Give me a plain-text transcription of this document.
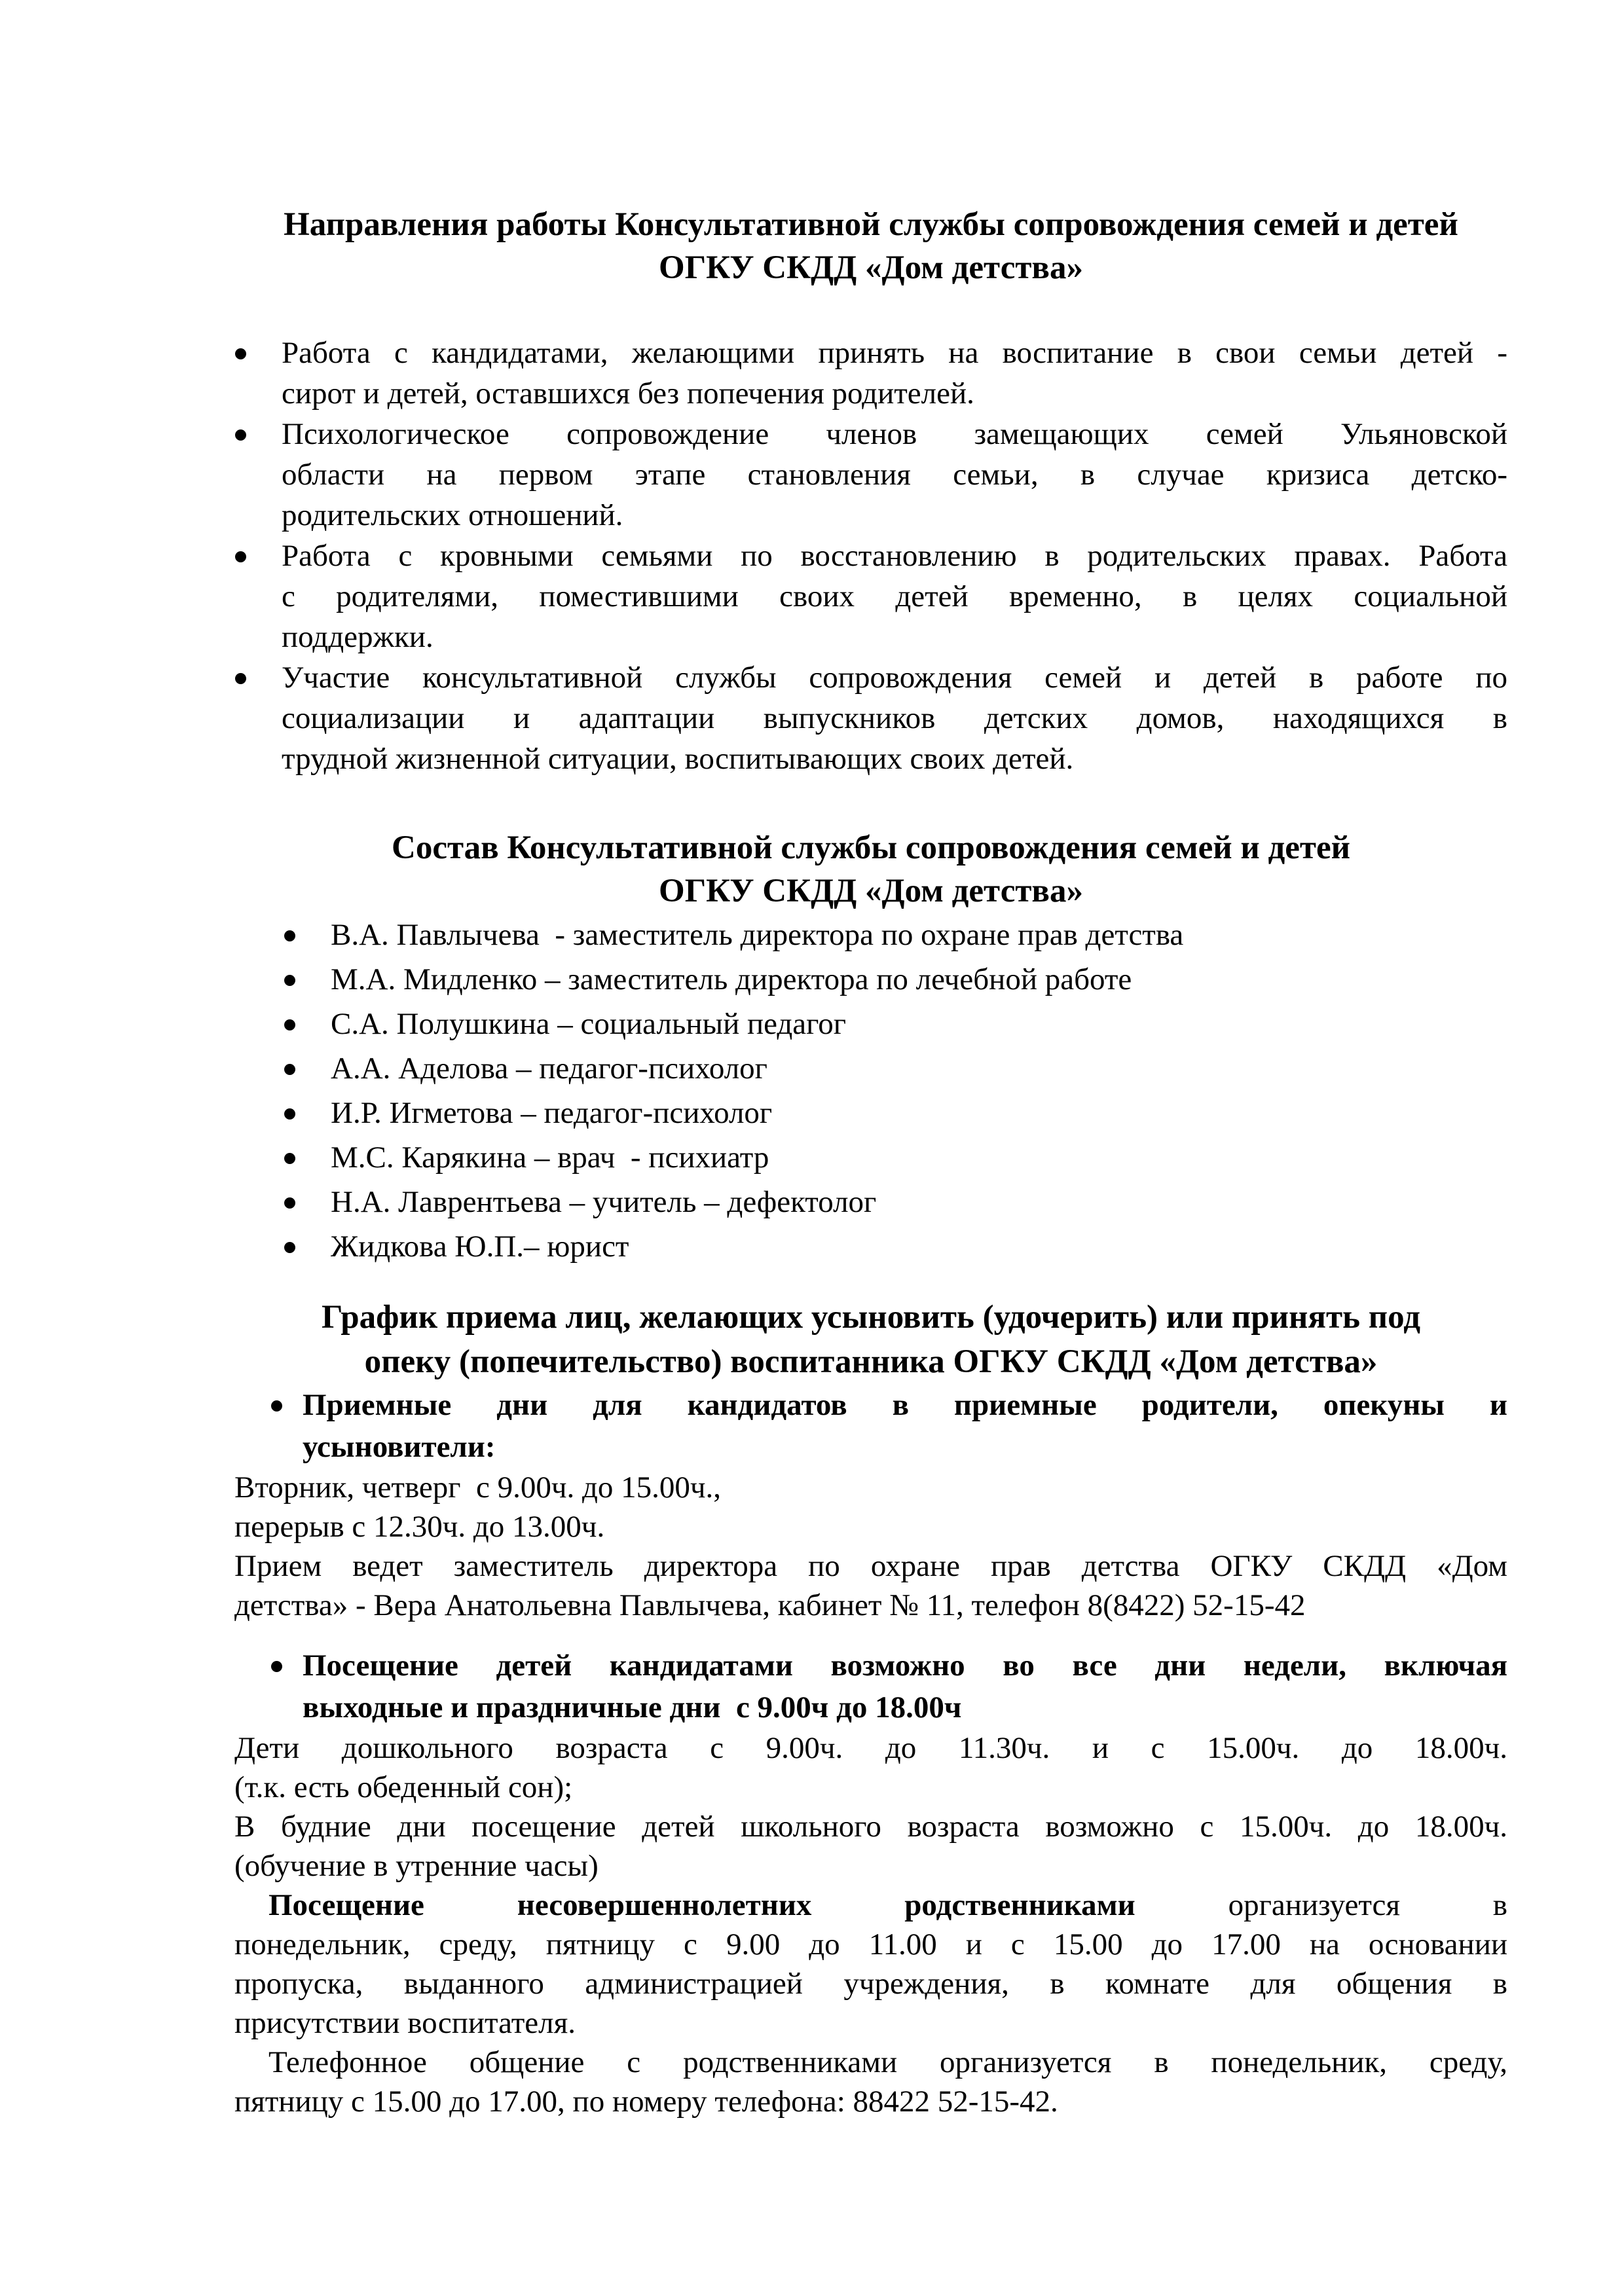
Направления работы Консультативной службы сопровождения семей и детей
ОГКУ СКДД «Дом детства»
Работа с кандидатами, желающими принять на воспитание в свои семьи детей -
сирот и детей, оставшихся без попечения родителей.
Психологическое сопровождение членов замещающих семей Ульяновской
области на первом этапе становления семьи, в случае кризиса детско-
родительских отношений.
Работа с кровными семьями по восстановлению в родительских правах. Работа
с родителями, поместившими своих детей временно, в целях социальной
поддержки.
Участие консультативной службы сопровождения семей и детей в работе по
социализации и адаптации выпускников детских домов, находящихся в
трудной жизненной ситуации, воспитывающих своих детей.
Состав Консультативной службы сопровождения семей и детей
ОГКУ СКДД «Дом детства»
В.А. Павлычева  - заместитель директора по охране прав детства
М.А. Мидленко – заместитель директора по лечебной работе
С.А. Полушкина – социальный педагог
А.А. Аделова – педагог-психолог
И.Р. Игметова – педагог-психолог
М.С. Карякина – врач  - психиатр
Н.А. Лаврентьева – учитель – дефектолог
Жидкова Ю.П.– юрист
График приема лиц, желающих усыновить (удочерить) или принять под
опеку (попечительство) воспитанника ОГКУ СКДД «Дом детства»
Приемные дни для кандидатов в приемные родители, опекуны и
усыновители:
Вторник, четверг  с 9.00ч. до 15.00ч.,
перерыв с 12.30ч. до 13.00ч.
Прием ведет заместитель директора по охране прав детства ОГКУ СКДД «Дом
детства» - Вера Анатольевна Павлычева, кабинет № 11, телефон 8(8422) 52-15-42
Посещение детей кандидатами возможно во все дни недели, включая
выходные и праздничные дни  с 9.00ч до 18.00ч
Дети дошкольного возраста с 9.00ч. до 11.30ч. и с 15.00ч. до 18.00ч.
(т.к. есть обеденный сон);
В будние дни посещение детей школьного возраста возможно с 15.00ч. до 18.00ч.
(обучение в утренние часы)
Посещение несовершеннолетних родственниками организуется в
понедельник, среду, пятницу с 9.00 до 11.00 и с 15.00 до 17.00 на основании
пропуска, выданного администрацией учреждения, в комнате для общения в
присутствии воспитателя.
Телефонное общение с родственниками организуется в понедельник, среду,
пятницу с 15.00 до 17.00, по номеру телефона: 88422 52-15-42.
